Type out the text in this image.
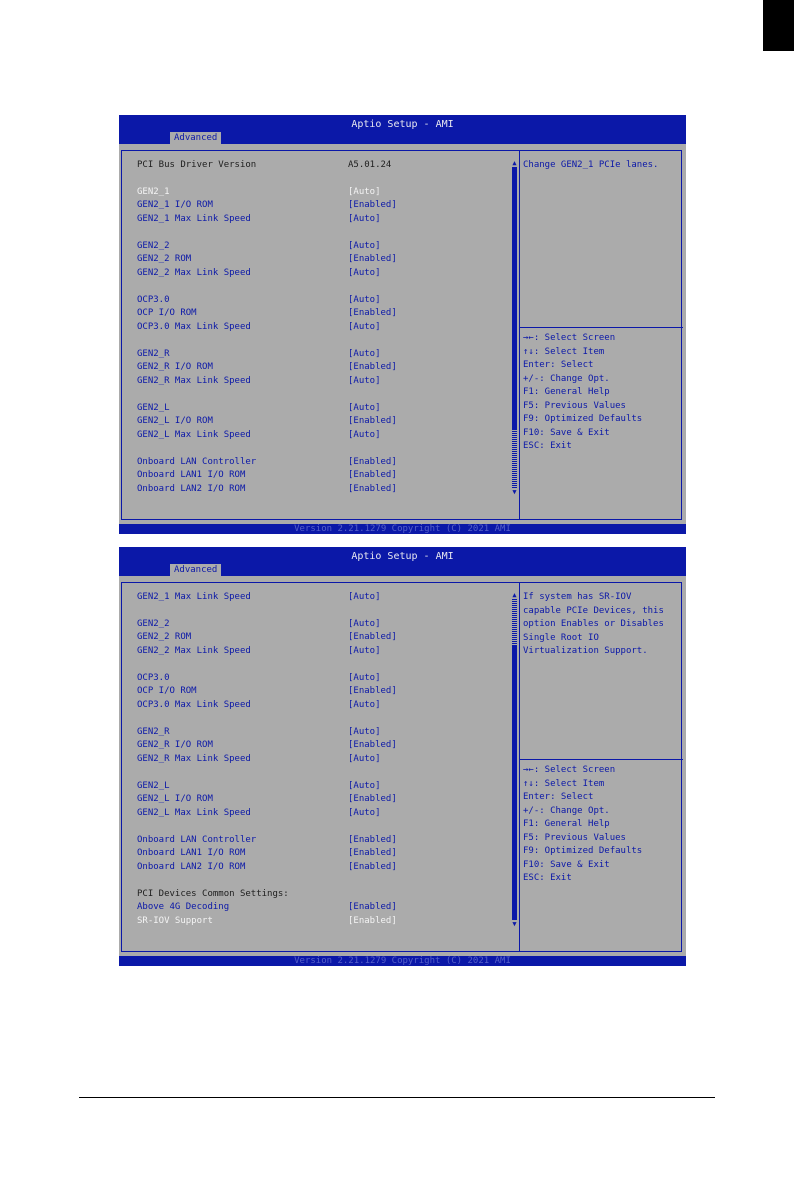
Aptio Setup - AMI
Advanced
▲
▼
PCI Bus Driver Version	A5.01.24
GEN2_1	[Auto]
GEN2_1 I/O ROM	[Enabled]
GEN2_1 Max Link Speed	[Auto]
GEN2_2	[Auto]
GEN2_2 ROM	[Enabled]
GEN2_2 Max Link Speed	[Auto]
OCP3.0	[Auto]
OCP I/O ROM	[Enabled]
OCP3.0 Max Link Speed	[Auto]
GEN2_R	[Auto]
GEN2_R I/O ROM	[Enabled]
GEN2_R Max Link Speed	[Auto]
GEN2_L	[Auto]
GEN2_L I/O ROM	[Enabled]
GEN2_L Max Link Speed	[Auto]
Onboard LAN Controller	[Enabled]
Onboard LAN1 I/O ROM	[Enabled]
Onboard LAN2 I/O ROM	[Enabled]
Change GEN2_1 PCIe lanes.
→←: Select Screen
↑↓: Select Item
Enter: Select
+/-: Change Opt.
F1: General Help
F5: Previous Values
F9: Optimized Defaults
F10: Save & Exit
ESC: Exit
Version 2.21.1279 Copyright (C) 2021 AMI
Aptio Setup - AMI
Advanced
▲
▼
GEN2_1 Max Link Speed	[Auto]
GEN2_2	[Auto]
GEN2_2 ROM	[Enabled]
GEN2_2 Max Link Speed	[Auto]
OCP3.0	[Auto]
OCP I/O ROM	[Enabled]
OCP3.0 Max Link Speed	[Auto]
GEN2_R	[Auto]
GEN2_R I/O ROM	[Enabled]
GEN2_R Max Link Speed	[Auto]
GEN2_L	[Auto]
GEN2_L I/O ROM	[Enabled]
GEN2_L Max Link Speed	[Auto]
Onboard LAN Controller	[Enabled]
Onboard LAN1 I/O ROM	[Enabled]
Onboard LAN2 I/O ROM	[Enabled]
PCI Devices Common Settings:
Above 4G Decoding	[Enabled]
SR-IOV Support	[Enabled]
If system has SR-IOV
capable PCIe Devices, this
option Enables or Disables
Single Root IO
Virtualization Support.
→←: Select Screen
↑↓: Select Item
Enter: Select
+/-: Change Opt.
F1: General Help
F5: Previous Values
F9: Optimized Defaults
F10: Save & Exit
ESC: Exit
Version 2.21.1279 Copyright (C) 2021 AMI
